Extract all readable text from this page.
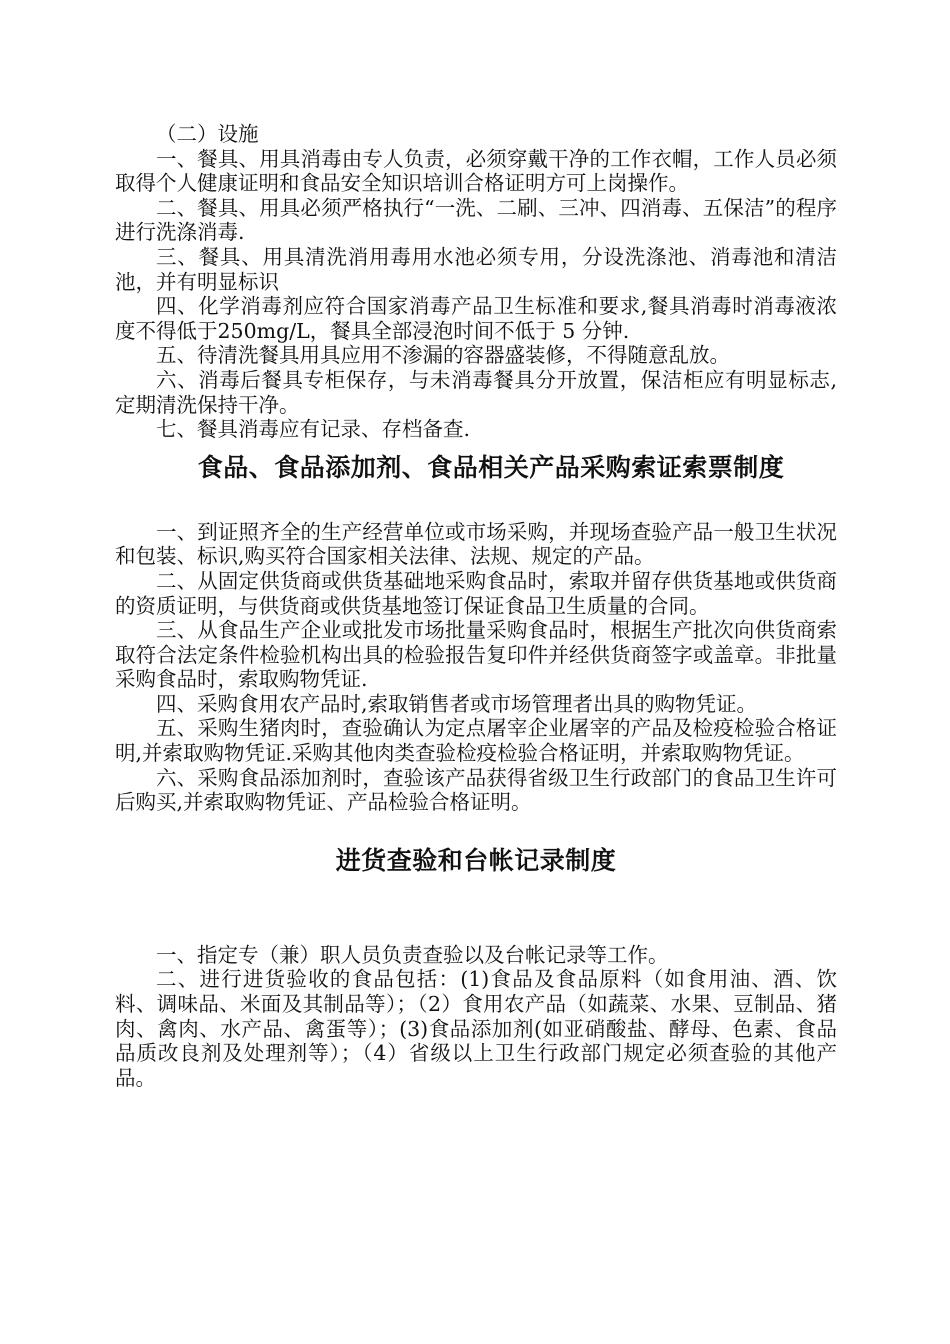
（二）设施

一、餐具、用具消毒由专人负责，必须穿戴干净的工作衣帽，工作人员必须取得个人健康证明和食品安全知识培训合格证明方可上岗操作。

二、餐具、用具必须严格执行“一洗、二刷、三冲、四消毒、五保洁”的程序进行洗涤消毒.

三、餐具、用具清洗消用毒用水池必须专用，分设洗涤池、消毒池和清洁池，并有明显标识

四、化学消毒剂应符合国家消毒产品卫生标准和要求,餐具消毒时消毒液浓度不得低于250mg/L，餐具全部浸泡时间不低于 5 分钟.

五、待清洗餐具用具应用不渗漏的容器盛装修，不得随意乱放。

六、消毒后餐具专柜保存，与未消毒餐具分开放置，保洁柜应有明显标志,定期清洗保持干净。

七、餐具消毒应有记录、存档备查.

食品、食品添加剂、食品相关产品采购索证索票制度

一、到证照齐全的生产经营单位或市场采购，并现场查验产品一般卫生状况和包装、标识,购买符合国家相关法律、法规、规定的产品。

二、从固定供货商或供货基础地采购食品时，索取并留存供货基地或供货商的资质证明，与供货商或供货基地签订保证食品卫生质量的合同。

三、从食品生产企业或批发市场批量采购食品时，根据生产批次向供货商索取符合法定条件检验机构出具的检验报告复印件并经供货商签字或盖章。非批量采购食品时，索取购物凭证.

四、采购食用农产品时,索取销售者或市场管理者出具的购物凭证。

五、采购生猪肉时，查验确认为定点屠宰企业屠宰的产品及检疫检验合格证明,并索取购物凭证.采购其他肉类查验检疫检验合格证明，并索取购物凭证。

六、采购食品添加剂时，查验该产品获得省级卫生行政部门的食品卫生许可后购买,并索取购物凭证、产品检验合格证明。

进货查验和台帐记录制度

一、指定专（兼）职人员负责查验以及台帐记录等工作。

二、进行进货验收的食品包括：(1)食品及食品原料（如食用油、酒、饮料、调味品、米面及其制品等）；（2）食用农产品（如蔬菜、水果、豆制品、猪肉、禽肉、水产品、禽蛋等）；(3)食品添加剂(如亚硝酸盐、酵母、色素、食品品质改良剂及处理剂等）；（4）省级以上卫生行政部门规定必须查验的其他产品。
